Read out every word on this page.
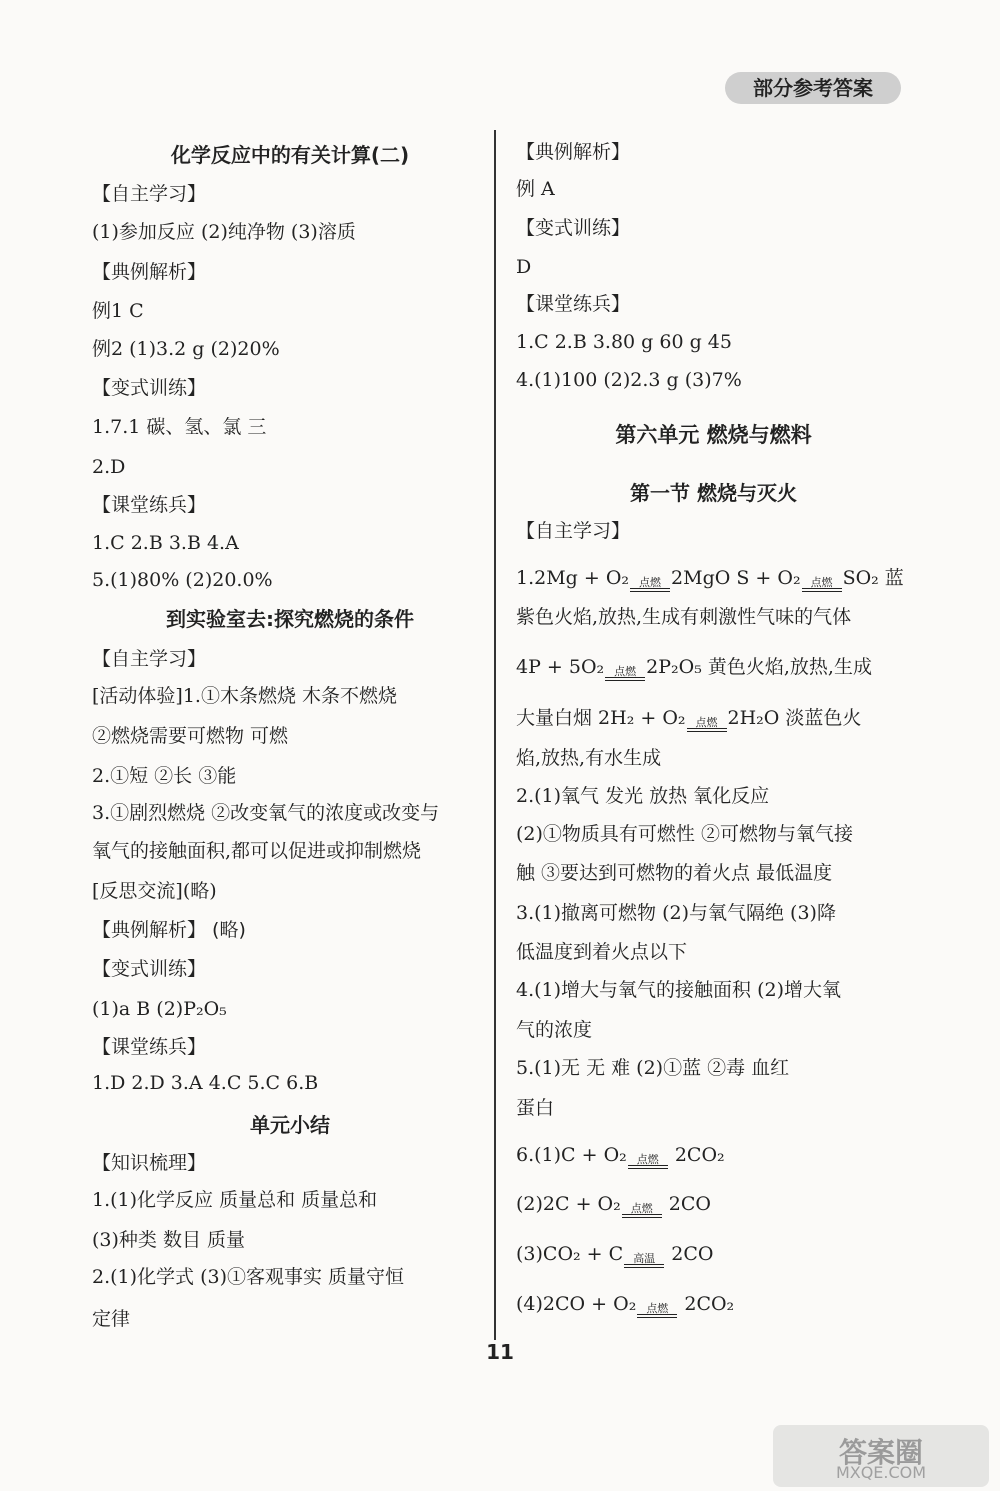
部分参考答案
化学反应中的有关计算(二)
【自主学习】
(1)参加反应 (2)纯净物 (3)溶质
【典例解析】
例1 C
例2 (1)3.2 g (2)20%
【变式训练】
1.7.1 碳、氢、氯 三
2.D
【课堂练兵】
1.C 2.B 3.B 4.A
5.(1)80% (2)20.0%
到实验室去:探究燃烧的条件
【自主学习】
[活动体验]1.①木条燃烧 木条不燃烧
②燃烧需要可燃物 可燃
2.①短 ②长 ③能
3.①剧烈燃烧 ②改变氧气的浓度或改变与
氧气的接触面积,都可以促进或抑制燃烧
[反思交流](略)
【典例解析】 (略)
【变式训练】
(1)a B (2)P₂O₅
【课堂练兵】
1.D 2.D 3.A 4.C 5.C 6.B
单元小结
【知识梳理】
1.(1)化学反应 质量总和 质量总和
(3)种类 数目 质量
2.(1)化学式 (3)①客观事实 质量守恒
定律
【典例解析】
例 A
【变式训练】
D
【课堂练兵】
1.C 2.B 3.80 g 60 g 45
4.(1)100 (2)2.3 g (3)7%
第六单元 燃烧与燃料
第一节 燃烧与灭火
【自主学习】
1.2Mg + O₂ 点燃 2MgO S + O₂ 点燃 SO₂ 蓝
紫色火焰,放热,生成有刺激性气味的气体
4P + 5O₂ 点燃 2P₂O₅ 黄色火焰,放热,生成
大量白烟 2H₂ + O₂ 点燃 2H₂O 淡蓝色火
焰,放热,有水生成
2.(1)氧气 发光 放热 氧化反应
(2)①物质具有可燃性 ②可燃物与氧气接
触 ③要达到可燃物的着火点 最低温度
3.(1)撤离可燃物 (2)与氧气隔绝 (3)降
低温度到着火点以下
4.(1)增大与氧气的接触面积 (2)增大氧
气的浓度
5.(1)无 无 难 (2)①蓝 ②毒 血红
蛋白
6.(1)C + O₂ 点燃 2CO₂
(2)2C + O₂ 点燃 2CO
(3)CO₂ + C 高温 2CO
(4)2CO + O₂ 点燃 2CO₂
11
答案圈
MXQE.COM
